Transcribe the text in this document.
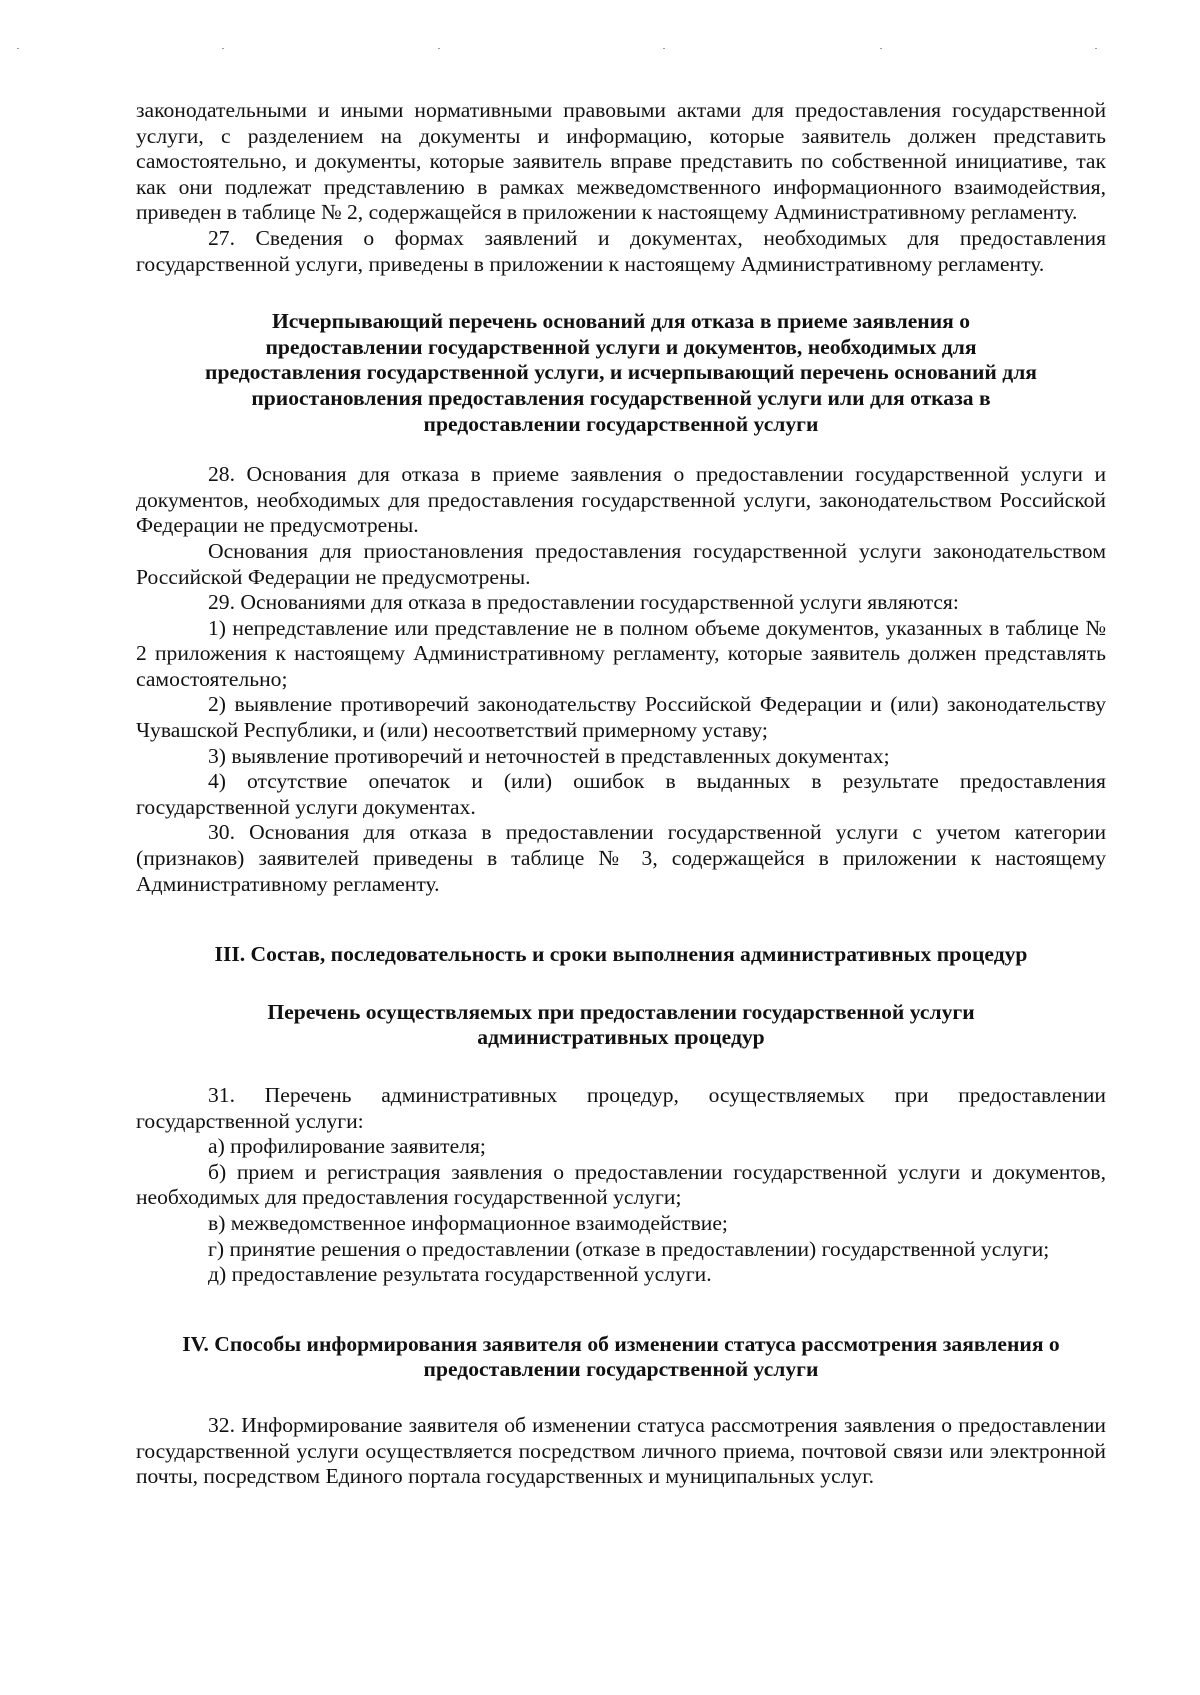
законодательными и иными нормативными правовыми актами для предоставления государственной услуги, с разделением на документы и информацию, которые заявитель должен представить самостоятельно, и документы, которые заявитель вправе представить по собственной инициативе, так как они подлежат представлению в рамках межведомственного информационного взаимодействия, приведен в таблице № 2, содержащейся в приложении к настоящему Административному регламенту.

27. Сведения о формах заявлений и документах, необходимых для предоставления государственной услуги, приведены в приложении к настоящему Административному регламенту.

Исчерпывающий перечень оснований для отказа в приеме заявления о предоставлении государственной услуги и документов, необходимых для предоставления государственной услуги, и исчерпывающий перечень оснований для приостановления предоставления государственной услуги или для отказа в предоставлении государственной услуги

28. Основания для отказа в приеме заявления о предоставлении государственной услуги и документов, необходимых для предоставления государственной услуги, законодательством Российской Федерации не предусмотрены.

Основания для приостановления предоставления государственной услуги законодательством Российской Федерации не предусмотрены.

29. Основаниями для отказа в предоставлении государственной услуги являются:

1) непредставление или представление не в полном объеме документов, указанных в таблице № 2 приложения к настоящему Административному регламенту, которые заявитель должен представлять самостоятельно;

2) выявление противоречий законодательству Российской Федерации и (или) законодательству Чувашской Республики, и (или) несоответствий примерному уставу;

3) выявление противоречий и неточностей в представленных документах;

4) отсутствие опечаток и (или) ошибок в выданных в результате предоставления государственной услуги документах.

30. Основания для отказа в предоставлении государственной услуги с учетом категории (признаков) заявителей приведены в таблице № 3, содержащейся в приложении к настоящему Административному регламенту.

III. Состав, последовательность и сроки выполнения административных процедур

Перечень осуществляемых при предоставлении государственной услуги административных процедур

31. Перечень административных процедур, осуществляемых при предоставлении государственной услуги:

а) профилирование заявителя;

б) прием и регистрация заявления о предоставлении государственной услуги и документов, необходимых для предоставления государственной услуги;

в) межведомственное информационное взаимодействие;

г) принятие решения о предоставлении (отказе в предоставлении) государственной услуги;

д) предоставление результата государственной услуги.

IV. Способы информирования заявителя об изменении статуса рассмотрения заявления о предоставлении государственной услуги

32. Информирование заявителя об изменении статуса рассмотрения заявления о предоставлении государственной услуги осуществляется посредством личного приема, почтовой связи или электронной почты, посредством Единого портала государственных и муниципальных услуг.
